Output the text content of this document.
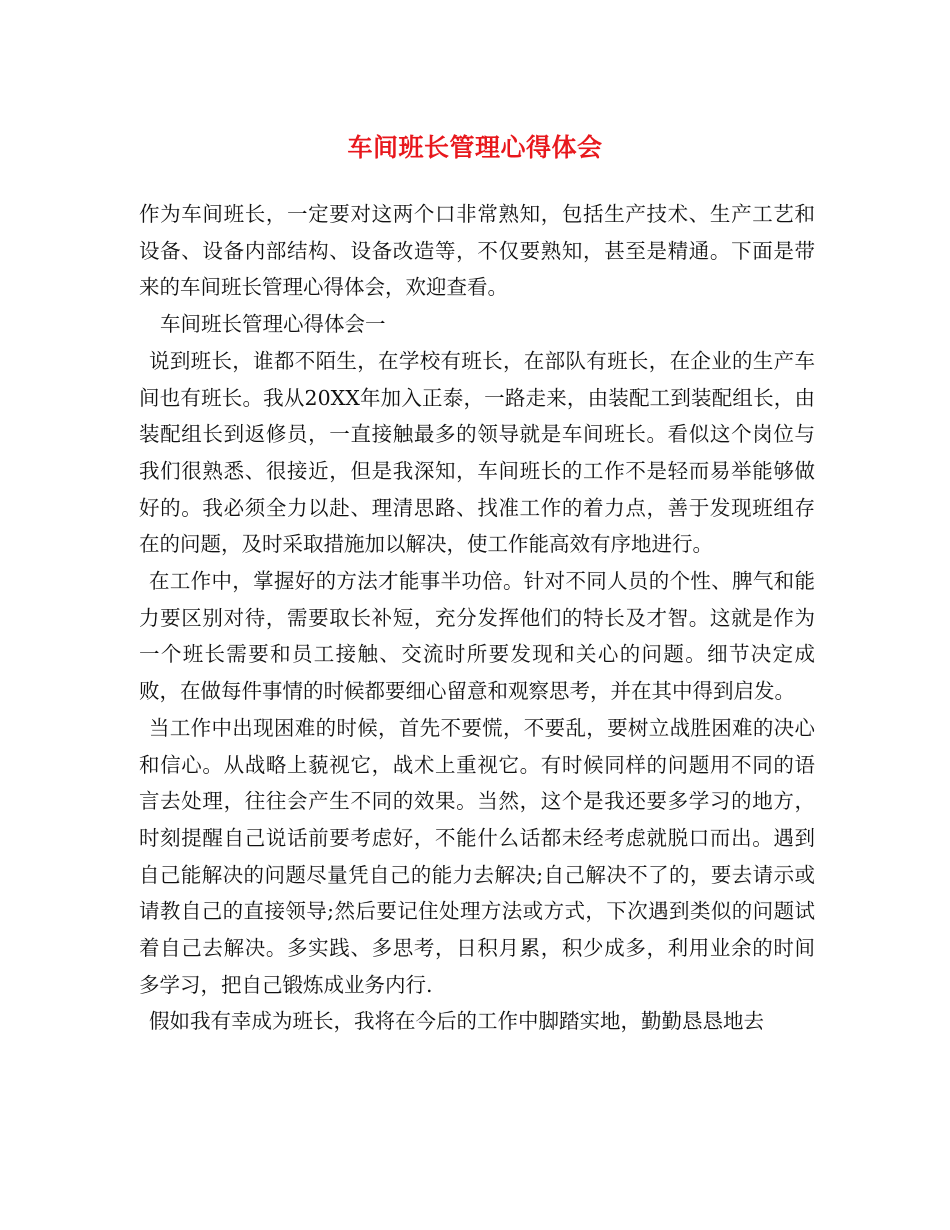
车间班长管理心得体会

作为车间班长，一定要对这两个口非常熟知，包括生产技术、生产工艺和设备、设备内部结构、设备改造等，不仅要熟知，甚至是精通。下面是带来的车间班长管理心得体会，欢迎查看。

车间班长管理心得体会一

说到班长，谁都不陌生，在学校有班长，在部队有班长，在企业的生产车间也有班长。我从20XX年加入正泰，一路走来，由装配工到装配组长，由装配组长到返修员，一直接触最多的领导就是车间班长。看似这个岗位与我们很熟悉、很接近，但是我深知，车间班长的工作不是轻而易举能够做好的。我必须全力以赴、理清思路、找准工作的着力点，善于发现班组存在的问题，及时采取措施加以解决，使工作能高效有序地进行。

在工作中，掌握好的方法才能事半功倍。针对不同人员的个性、脾气和能力要区别对待，需要取长补短，充分发挥他们的特长及才智。这就是作为一个班长需要和员工接触、交流时所要发现和关心的问题。细节决定成败，在做每件事情的时候都要细心留意和观察思考，并在其中得到启发。

当工作中出现困难的时候，首先不要慌，不要乱，要树立战胜困难的决心和信心。从战略上藐视它，战术上重视它。有时候同样的问题用不同的语言去处理，往往会产生不同的效果。当然，这个是我还要多学习的地方，时刻提醒自己说话前要考虑好，不能什么话都未经考虑就脱口而出。遇到自己能解决的问题尽量凭自己的能力去解决;自己解决不了的，要去请示或请教自己的直接领导;然后要记住处理方法或方式，下次遇到类似的问题试着自己去解决。多实践、多思考，日积月累，积少成多，利用业余的时间多学习，把自己锻炼成业务内行.

假如我有幸成为班长，我将在今后的工作中脚踏实地，勤勤恳恳地去
